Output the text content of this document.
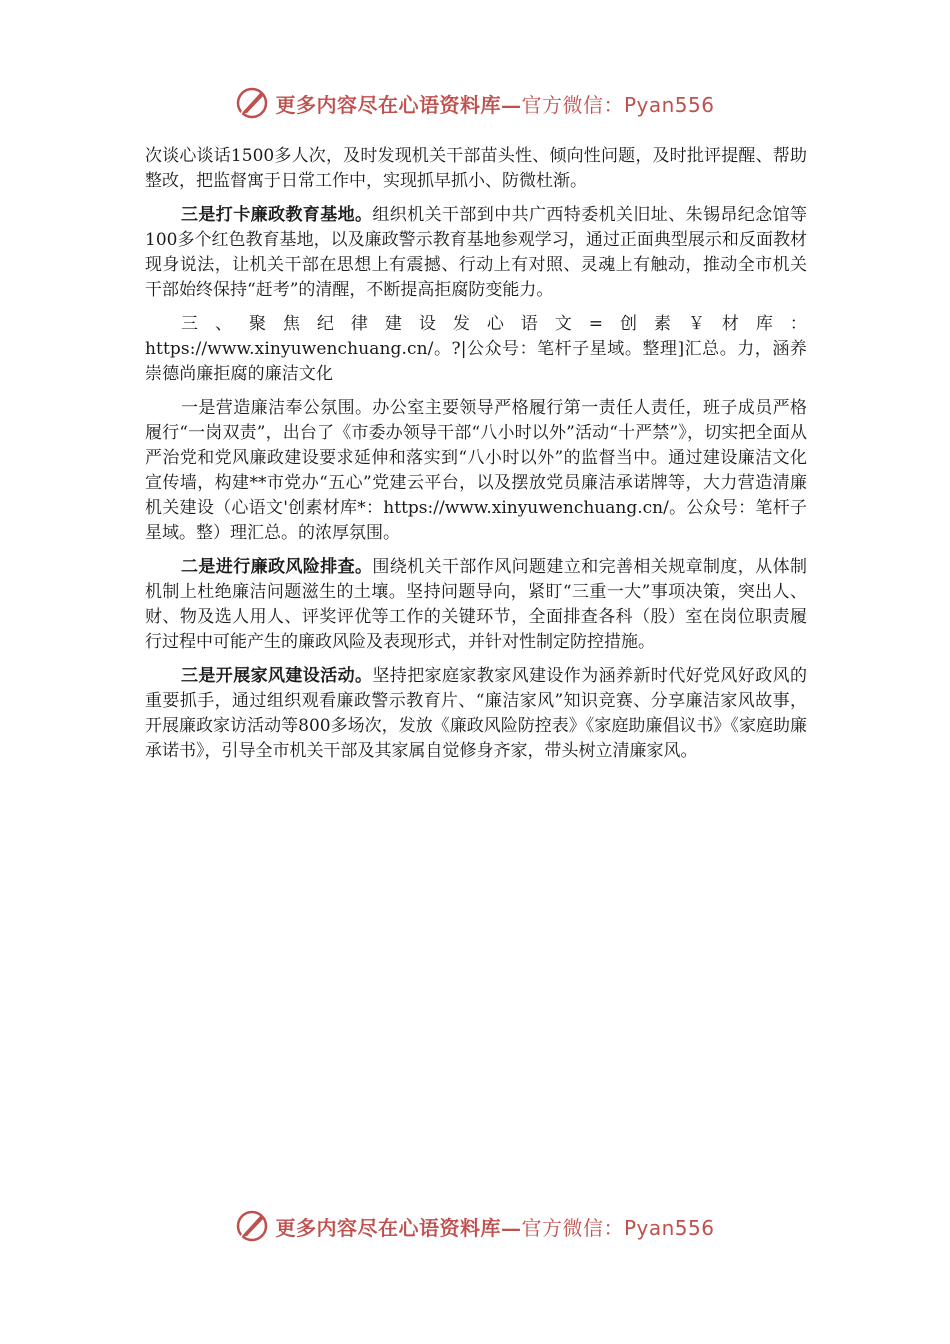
更多内容尽在心语资料库— 官方微信：Pyan556

次谈心谈话1500多人次，及时发现机关干部苗头性、倾向性问题，及时批评提醒、帮助整改，把监督寓于日常工作中，实现抓早抓小、防微杜渐。

三是打卡廉政教育基地。组织机关干部到中共广西特委机关旧址、朱锡昂纪念馆等100多个红色教育基地，以及廉政警示教育基地参观学习，通过正面典型展示和反面教材现身说法，让机关干部在思想上有震撼、行动上有对照、灵魂上有触动，推动全市机关干部始终保持“赶考”的清醒，不断提高拒腐防变能力。

三、聚焦纪律建设发心语文=创素￥材库：https://www.xinyuwenchuang.cn/。?|公众号：笔杆子星域。整理]汇总。力，涵养崇德尚廉拒腐的廉洁文化

一是营造廉洁奉公氛围。办公室主要领导严格履行第一责任人责任，班子成员严格履行“一岗双责”，出台了《市委办领导干部“八小时以外”活动“十严禁”》，切实把全面从严治党和党风廉政建设要求延伸和落实到“八小时以外”的监督当中。通过建设廉洁文化宣传墙，构建**市党办“五心”党建云平台，以及摆放党员廉洁承诺牌等，大力营造清廉机关建设（心语文'创素材库*：https://www.xinyuwenchuang.cn/。公众号：笔杆子星域。整）理汇总。的浓厚氛围。

二是进行廉政风险排查。围绕机关干部作风问题建立和完善相关规章制度，从体制机制上杜绝廉洁问题滋生的土壤。坚持问题导向，紧盯“三重一大”事项决策，突出人、财、物及选人用人、评奖评优等工作的关键环节，全面排查各科（股）室在岗位职责履行过程中可能产生的廉政风险及表现形式，并针对性制定防控措施。

三是开展家风建设活动。坚持把家庭家教家风建设作为涵养新时代好党风好政风的重要抓手，通过组织观看廉政警示教育片、“廉洁家风”知识竞赛、分享廉洁家风故事，开展廉政家访活动等800多场次，发放《廉政风险防控表》《家庭助廉倡议书》《家庭助廉承诺书》，引导全市机关干部及其家属自觉修身齐家，带头树立清廉家风。

更多内容尽在心语资料库— 官方微信：Pyan556
